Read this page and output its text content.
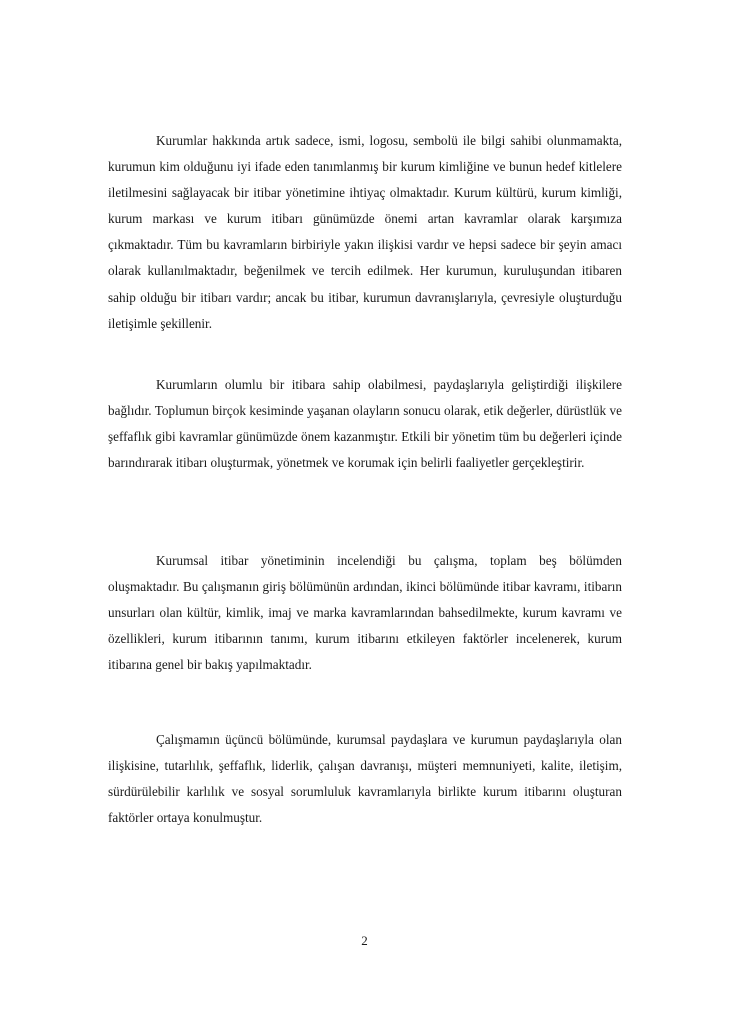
Kurumlar hakkında artık sadece, ismi, logosu, sembolü ile bilgi sahibi olunmamakta, kurumun kim olduğunu iyi ifade eden tanımlanmış bir kurum kimliğine ve bunun hedef kitlelere iletilmesini sağlayacak bir itibar yönetimine ihtiyaç olmaktadır. Kurum kültürü, kurum kimliği, kurum markası ve kurum itibarı günümüzde önemi artan kavramlar olarak karşımıza çıkmaktadır. Tüm bu kavramların birbiriyle yakın ilişkisi vardır ve hepsi sadece bir şeyin amacı olarak kullanılmaktadır, beğenilmek ve tercih edilmek. Her kurumun, kuruluşundan itibaren sahip olduğu bir itibarı vardır; ancak bu itibar, kurumun davranışlarıyla, çevresiyle oluşturduğu iletişimle şekillenir.

Kurumların olumlu bir itibara sahip olabilmesi, paydaşlarıyla geliştirdiği ilişkilere bağlıdır. Toplumun birçok kesiminde yaşanan olayların sonucu olarak, etik değerler, dürüstlük ve şeffaflık gibi kavramlar günümüzde önem kazanmıştır. Etkili bir yönetim tüm bu değerleri içinde barındırarak itibarı oluşturmak, yönetmek ve korumak için belirli faaliyetler gerçekleştirir.

Kurumsal itibar yönetiminin incelendiği bu çalışma, toplam beş bölümden oluşmaktadır. Bu çalışmanın giriş bölümünün ardından, ikinci bölümünde itibar kavramı, itibarın unsurları olan kültür, kimlik, imaj ve marka kavramlarından bahsedilmekte, kurum kavramı ve özellikleri, kurum itibarının tanımı, kurum itibarını etkileyen faktörler incelenerek, kurum itibarına genel bir bakış yapılmaktadır.

Çalışmamın üçüncü bölümünde, kurumsal paydaşlara ve kurumun paydaşlarıyla olan ilişkisine, tutarlılık, şeffaflık, liderlik, çalışan davranışı, müşteri memnuniyeti, kalite, iletişim, sürdürülebilir karlılık ve sosyal sorumluluk kavramlarıyla birlikte kurum itibarını oluşturan faktörler ortaya konulmuştur.

2
